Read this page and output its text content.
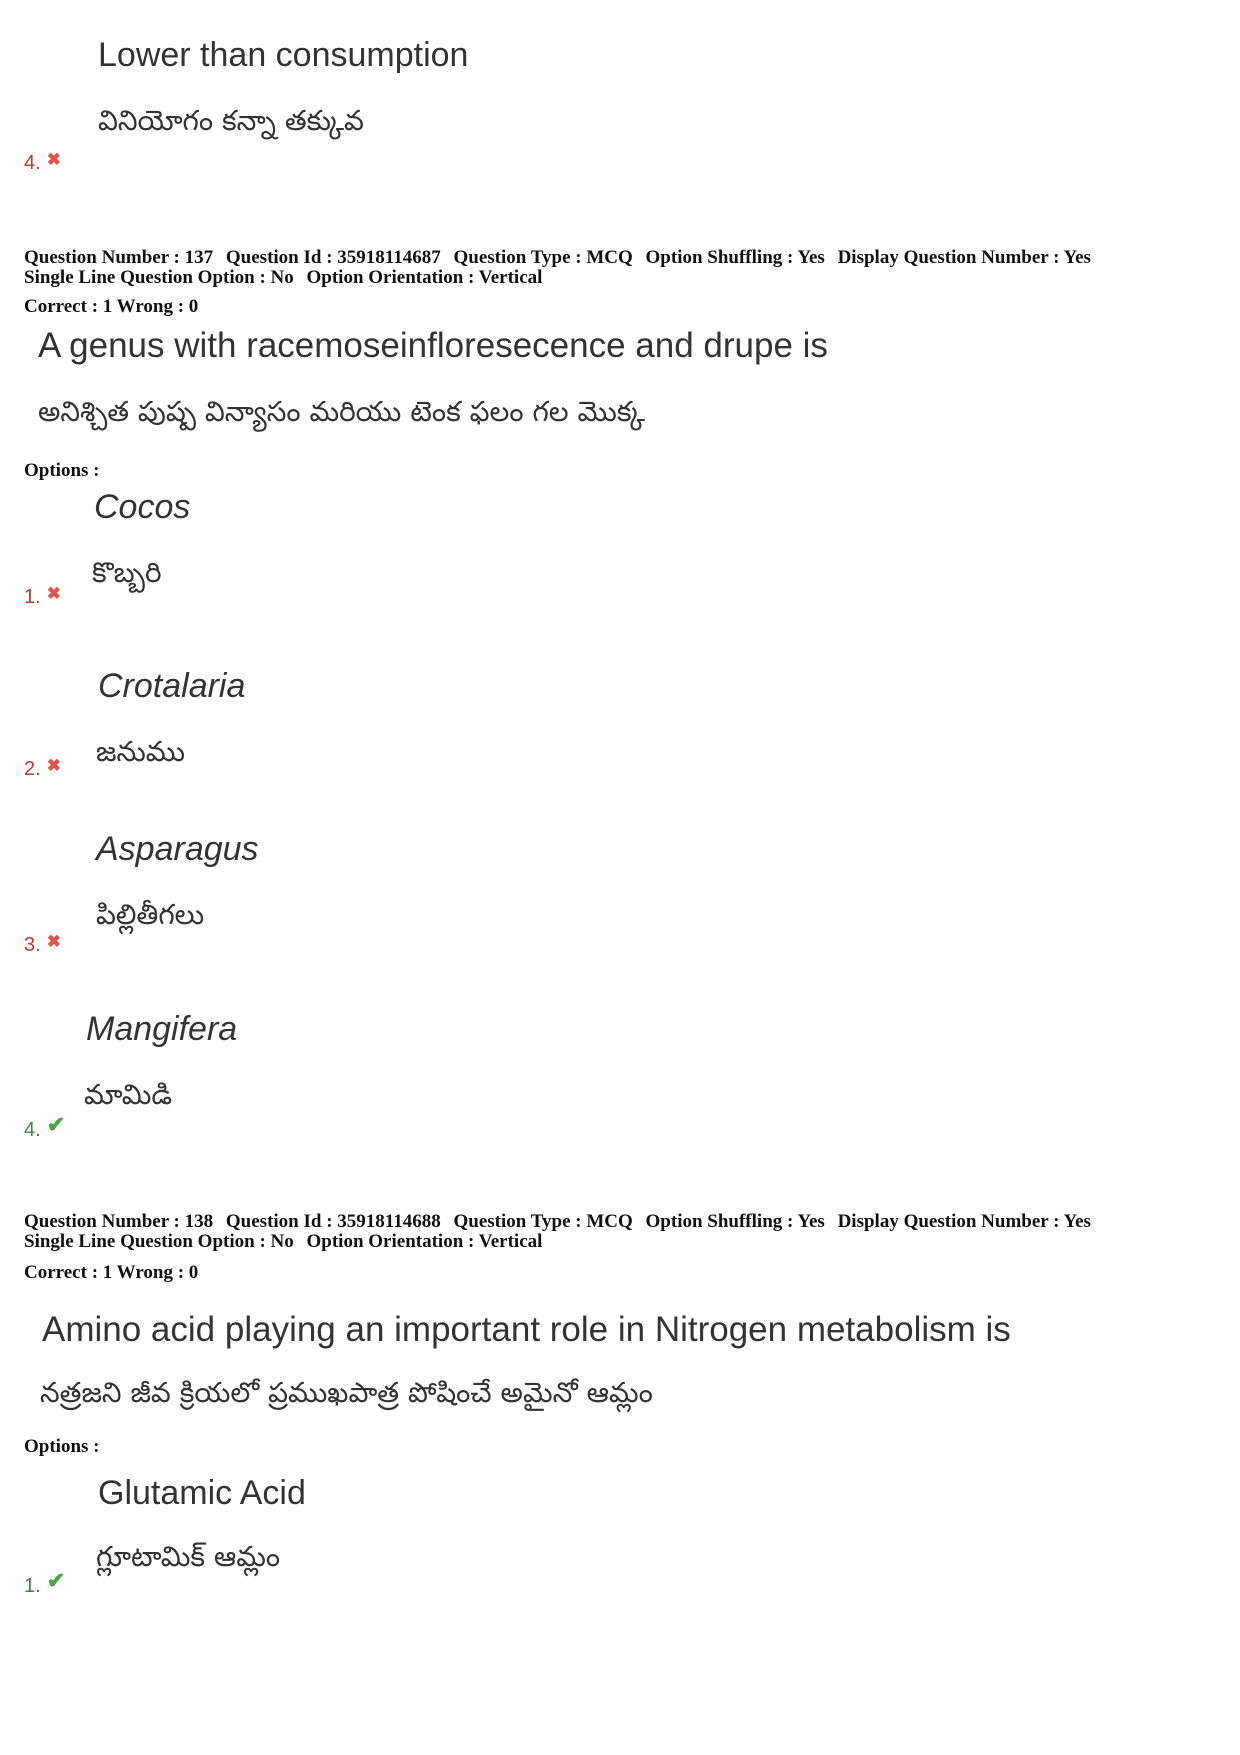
Lower than consumption
వినియోగం కన్నా తక్కువ
4. ✖
Question Number : 137 Question Id : 35918114687 Question Type : MCQ Option Shuffling : Yes Display Question Number : Yes
Single Line Question Option : No Option Orientation : Vertical
Correct : 1 Wrong : 0
A genus with racemoseinfloresecence and drupe is
అనిశ్చిత పుష్ప విన్యాసం మరియు టెంక ఫలం గల మొక్క
Options :
Cocos
కొబ్బరి
1. ✖
Crotalaria
జనుము
2. ✖
Asparagus
పిల్లితీగలు
3. ✖
Mangifera
మామిడి
4. ✔
Question Number : 138 Question Id : 35918114688 Question Type : MCQ Option Shuffling : Yes Display Question Number : Yes
Single Line Question Option : No Option Orientation : Vertical
Correct : 1 Wrong : 0
Amino acid playing an important role in Nitrogen metabolism is
నత్రజని జీవ క్రియలో ప్రముఖపాత్ర పోషించే అమైనో ఆమ్లం
Options :
Glutamic Acid
గ్లూటామిక్ ఆమ్లం
1. ✔
